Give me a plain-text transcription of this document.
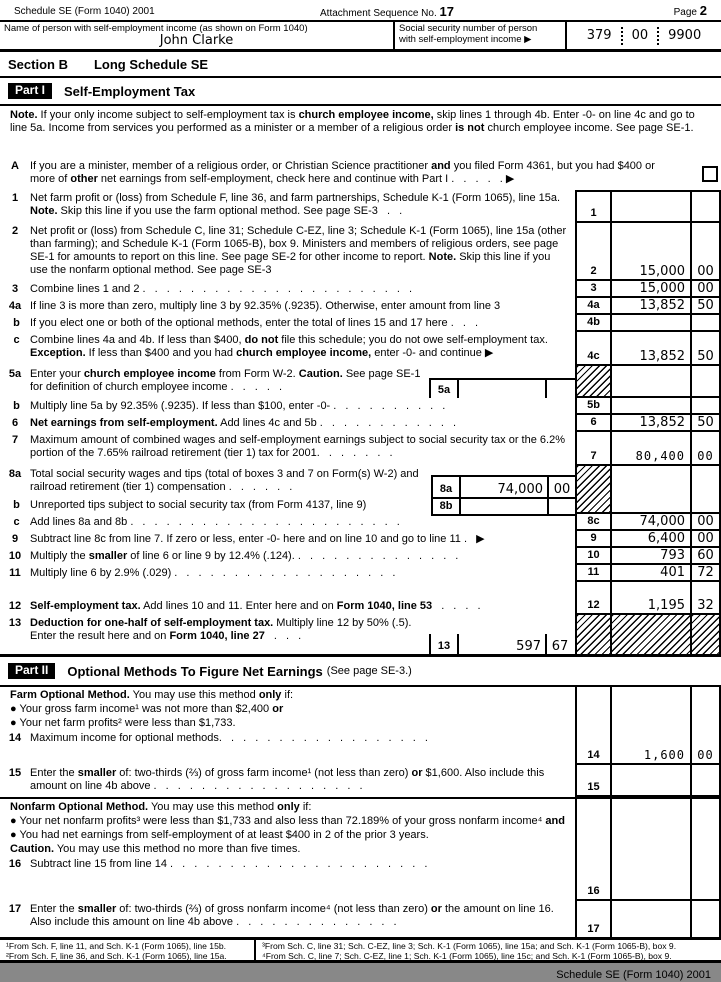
Schedule SE (Form 1040) 2001	Attachment Sequence No. 17	Page 2
Name of person with self-employment income (as shown on Form 1040)
John Clarke
Social security number of person
with self-employment income ▶	379 00 9900
Section B Long Schedule SE
Part I	Self-Employment Tax
Note. If your only income subject to self-employment tax is church employee income, skip lines 1 through 4b. Enter -0- on line 4c and go to line 5a. Income from services you performed as a minister or a member of a religious order is not church employee income. See page SE-1.
A	If you are a minister, member of a religious order, or Christian Science practitioner and you filed Form 4361, but you had $400 or more of other net earnings from self-employment, check here and continue with Part I . . . . . ▶
1	Net farm profit or (loss) from Schedule F, line 36, and farm partnerships, Schedule K-1 (Form 1065), line 15a. Note. Skip this line if you use the farm optional method. See page SE-3 . .	1
2	Net profit or (loss) from Schedule C, line 31; Schedule C-EZ, line 3; Schedule K-1 (Form 1065), line 15a (other than farming); and Schedule K-1 (Form 1065-B), box 9. Ministers and members of religious orders, see page SE-1 for amounts to report on this line. See page SE-2 for other income to report. Note. Skip this line if you use the nonfarm optional method. See page SE-3	2	15,000 00
3	Combine lines 1 and 2 . . . . . . . . . . . . . . . . . . . . . . .	3	15,000 00
4a If line 3 is more than zero, multiply line 3 by 92.35% (.9235). Otherwise, enter amount from line 3	4a	13,852 50
b If you elect one or both of the optional methods, enter the total of lines 15 and 17 here . . .	4b
c Combine lines 4a and 4b. If less than $400, do not file this schedule; you do not owe self-employment tax. Exception. If less than $400 and you had church employee income, enter -0- and continue ▶	4c	13,852 50
5a Enter your church employee income from Form W-2. Caution. See page SE-1 for definition of church employee income . . . . .	5a
b Multiply line 5a by 92.35% (.9235). If less than $100, enter -0- . . . . . . . . . .	5b
6	Net earnings from self-employment. Add lines 4c and 5b . . . . . . . . . . . .	6	13,852 50
7	Maximum amount of combined wages and self-employment earnings subject to social security tax or the 6.2% portion of the 7.65% railroad retirement (tier 1) tax for 2001. . . . . . .	7	80,400	00
8a Total social security wages and tips (total of boxes 3 and 7 on Form(s) W-2) and railroad retirement (tier 1) compensation . . . . . .	8a	74,000 00
b Unreported tips subject to social security tax (from Form 4137, line 9)	8b
c Add lines 8a and 8b . . . . . . . . . . . . . . . . . . . . . . .	8c	74,000 00
9	Subtract line 8c from line 7. If zero or less, enter -0- here and on line 10 and go to line 11 . ▶	9	6,400 00
10 Multiply the smaller of line 6 or line 9 by 12.4% (.124). . . . . . . . . . . . . . .	10	793 60
11 Multiply line 6 by 2.9% (.029) . . . . . . . . . . . . . . . . . . .	11	401 72
12 Self-employment tax. Add lines 10 and 11. Enter here and on Form 1040, line 53 . . . .	12	1,195 32
13 Deduction for one-half of self-employment tax. Multiply line 12 by 50% (.5). Enter the result here and on Form 1040, line 27 . . .
13	597 67
Part II	Optional Methods To Figure Net Earnings (See page SE-3.)
Farm Optional Method. You may use this method only if:
● Your gross farm income¹ was not more than $2,400 or
● Your net farm profits² were less than $1,733.
14 Maximum income for optional methods. . . . . . . . . . . . . . . . . .
14	1,600	00
15 Enter the smaller of: two-thirds (⅔) of gross farm income¹ (not less than zero) or $1,600. Also include this amount on line 4b above . . . . . . . . . . . . . . . . . .	15
Nonfarm Optional Method. You may use this method only if:
● Your net nonfarm profits³ were less than $1,733 and also less than 72.189% of your gross nonfarm income⁴ and
● You had net earnings from self-employment of at least $400 in 2 of the prior 3 years.
Caution. You may use this method no more than five times.
16 Subtract line 15 from line 14 . . . . . . . . . . . . . . . . . . . . . .
16
17 Enter the smaller of: two-thirds (⅔) of gross nonfarm income⁴ (not less than zero) or the amount on line 16. Also include this amount on line 4b above . . . . . . . . . . . . . .
17
¹From Sch. F, line 11, and Sch. K-1 (Form 1065), line 15b.
²From Sch. F, line 36, and Sch. K-1 (Form 1065), line 15a.
³From Sch. C, line 31; Sch. C-EZ, line 3; Sch. K-1 (Form 1065), line 15a; and Sch. K-1 (Form 1065-B), box 9.
⁴From Sch. C, line 7; Sch. C-EZ, line 1; Sch. K-1 (Form 1065), line 15c; and Sch. K-1 (Form 1065-B), box 9.
Schedule SE (Form 1040) 2001
